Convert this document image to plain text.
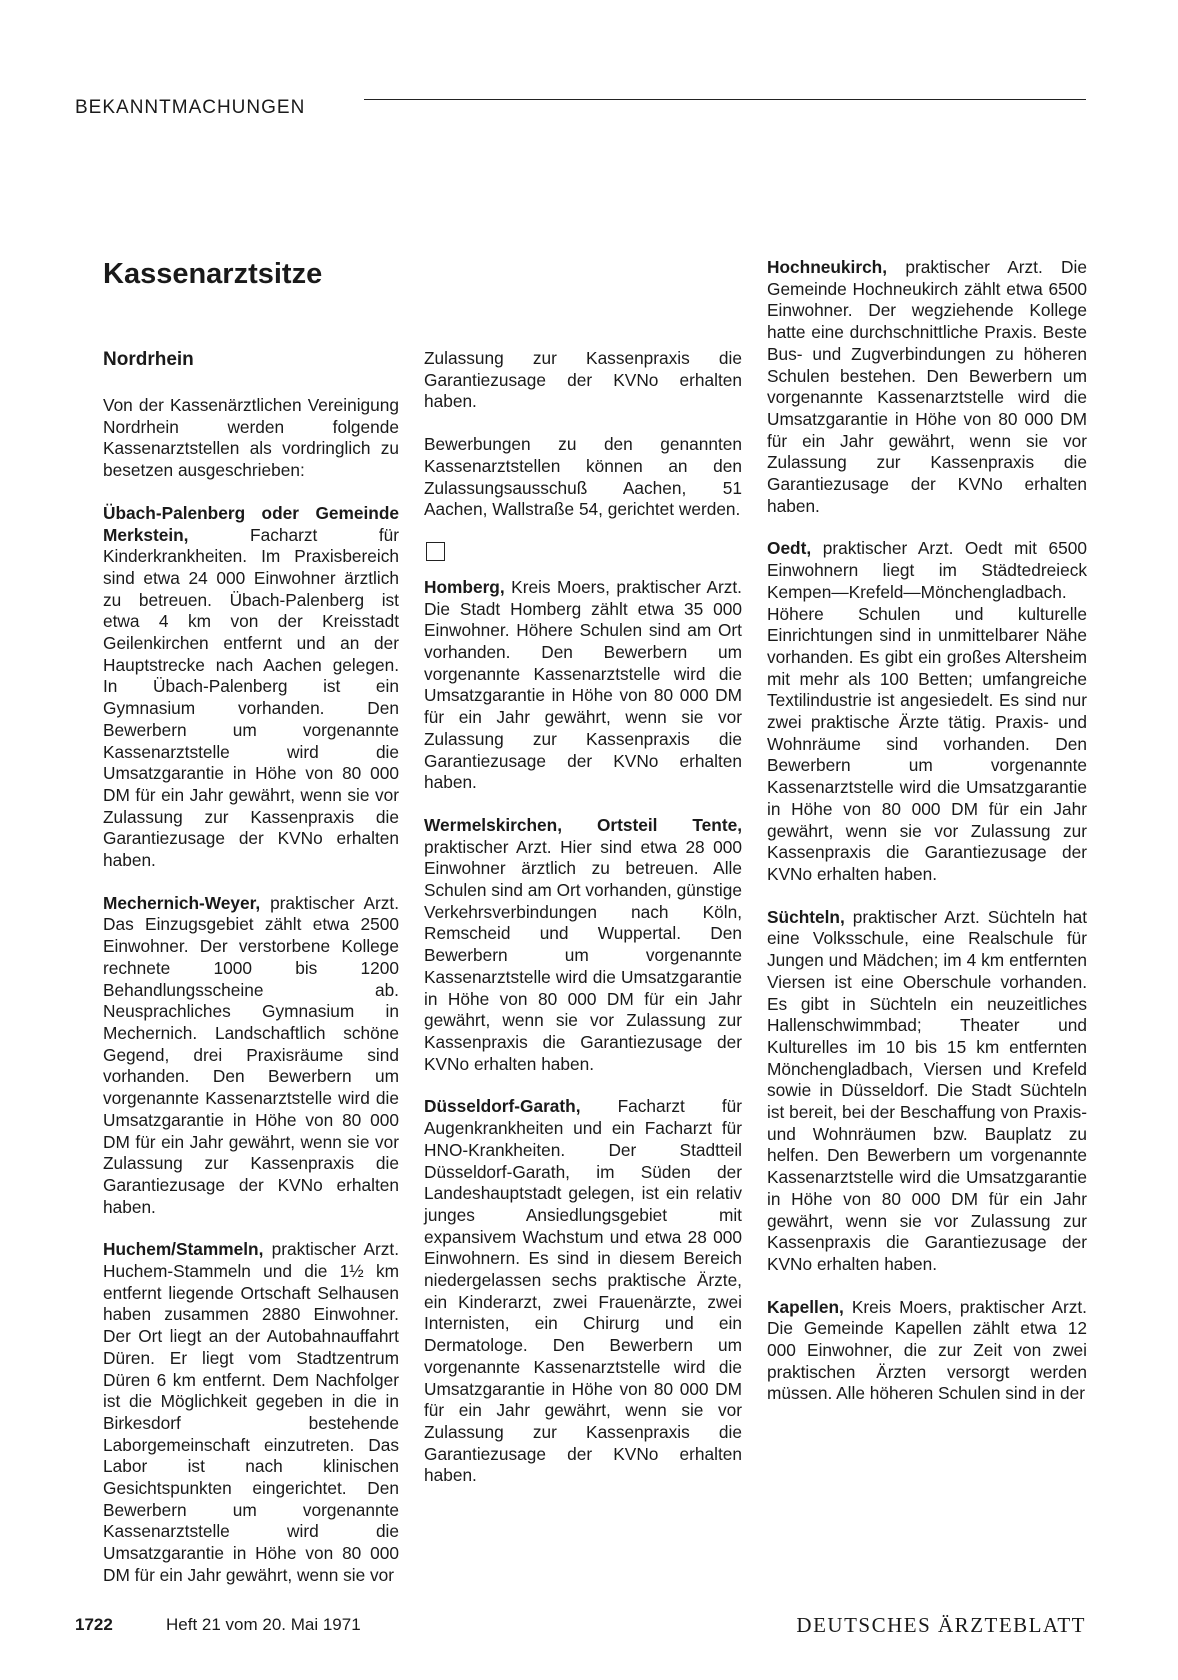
BEKANNTMACHUNGEN
Kassenarztsitze
Nordrhein

Von der Kassenärztlichen Vereinigung Nordrhein werden folgende Kassenarztstellen als vordringlich zu besetzen ausgeschrieben:

Übach-Palenberg oder Gemeinde Merkstein,	Facharzt für Kinderkrankheiten. Im Praxisbereich sind etwa 24 000 Einwohner ärztlich zu betreuen. Übach-Palenberg ist etwa 4 km von der Kreisstadt Geilenkirchen entfernt und an der Hauptstrecke nach Aachen gelegen. In Übach-Palenberg ist ein Gymnasium vorhanden. Den Bewerbern um vorgenannte Kassenarztstelle wird die Umsatzgarantie in Höhe von 80 000 DM für ein Jahr gewährt, wenn sie vor Zulassung zur Kassenpraxis die Garantiezusage der KVNo erhalten haben.

Mechernich-Weyer, praktischer Arzt. Das Einzugsgebiet zählt etwa 2500 Einwohner. Der verstorbene Kollege rechnete 1000 bis 1200 Behandlungsscheine ab. Neusprachliches Gymnasium in Mechernich. Landschaftlich schöne Gegend, drei Praxisräume sind vorhanden. Den Bewerbern um vorgenannte Kassenarztstelle wird die Umsatzgarantie in Höhe von 80 000 DM für ein Jahr gewährt, wenn sie vor Zulassung zur Kassenpraxis die Garantiezusage der KVNo erhalten haben.

Huchem/Stammeln, praktischer Arzt. Huchem-Stammeln und die 1½ km entfernt liegende Ortschaft Selhausen haben zusammen 2880 Einwohner. Der Ort liegt an der Autobahnauffahrt Düren. Er liegt vom Stadtzentrum Düren 6 km entfernt. Dem Nachfolger ist die Möglichkeit gegeben in die in Birkesdorf bestehende Laborgemeinschaft einzutreten. Das Labor ist nach klinischen Gesichtspunkten eingerichtet. Den Bewerbern um vorgenannte Kassenarztstelle wird die Umsatzgarantie in Höhe von 80 000 DM für ein Jahr gewährt, wenn sie vor

Zulassung zur Kassenpraxis die Garantiezusage der KVNo erhalten haben.

Bewerbungen zu den genannten Kassenarztstellen können an den Zulassungsausschuß Aachen, 51 Aachen, Wallstraße 54, gerichtet werden.

Homberg, Kreis Moers, praktischer Arzt. Die Stadt Homberg zählt etwa 35 000 Einwohner. Höhere Schulen sind am Ort vorhanden. Den Bewerbern um vorgenannte Kassenarztstelle wird die Umsatzgarantie in Höhe von 80 000 DM für ein Jahr gewährt, wenn sie vor Zulassung zur Kassenpraxis die Garantiezusage der KVNo erhalten haben.

Wermelskirchen, Ortsteil Tente, praktischer Arzt. Hier sind etwa 28 000 Einwohner ärztlich zu betreuen. Alle Schulen sind am Ort vorhanden, günstige Verkehrsverbindungen nach Köln, Remscheid und Wuppertal. Den Bewerbern um vorgenannte Kassenarztstelle wird die Umsatzgarantie in Höhe von 80 000 DM für ein Jahr gewährt, wenn sie vor Zulassung zur Kassenpraxis die Garantiezusage der KVNo erhalten haben.

Düsseldorf-Garath, Facharzt für Augenkrankheiten und ein Facharzt für HNO-Krankheiten. Der Stadtteil Düsseldorf-Garath, im Süden der Landeshauptstadt gelegen, ist ein relativ junges Ansiedlungsgebiet mit expansivem Wachstum und etwa 28 000 Einwohnern. Es sind in diesem Bereich niedergelassen sechs praktische Ärzte, ein Kinderarzt, zwei Frauenärzte, zwei Internisten, ein Chirurg und ein Dermatologe. Den Bewerbern um vorgenannte Kassenarztstelle wird die Umsatzgarantie in Höhe von 80 000 DM für ein Jahr gewährt, wenn sie vor Zulassung zur Kassenpraxis die Garantiezusage der KVNo erhalten haben.

Hochneukirch, praktischer Arzt. Die Gemeinde Hochneukirch zählt etwa 6500 Einwohner. Der wegziehende Kollege hatte eine durchschnittliche Praxis. Beste Bus- und Zugverbindungen zu höheren Schulen bestehen. Den Bewerbern um vorgenannte Kassenarztstelle wird die Umsatzgarantie in Höhe von 80 000 DM für ein Jahr gewährt, wenn sie vor Zulassung zur Kassenpraxis die Garantiezusage der KVNo erhalten haben.

Oedt, praktischer Arzt. Oedt mit 6500 Einwohnern liegt im Städtedreieck Kempen—Krefeld—Mönchengladbach. Höhere Schulen und kulturelle Einrichtungen sind in unmittelbarer Nähe vorhanden. Es gibt ein großes Altersheim mit mehr als 100 Betten; umfangreiche Textilindustrie ist angesiedelt. Es sind nur zwei praktische Ärzte tätig. Praxis- und Wohnräume sind vorhanden. Den Bewerbern um vorgenannte Kassenarztstelle wird die Umsatzgarantie in Höhe von 80 000 DM für ein Jahr gewährt, wenn sie vor Zulassung zur Kassenpraxis die Garantiezusage der KVNo erhalten haben.

Süchteln, praktischer Arzt. Süchteln hat eine Volksschule, eine Realschule für Jungen und Mädchen; im 4 km entfernten Viersen ist eine Oberschule vorhanden. Es gibt in Süchteln ein neuzeitliches Hallenschwimmbad; Theater und Kulturelles im 10 bis 15 km entfernten Mönchengladbach, Viersen und Krefeld sowie in Düsseldorf. Die Stadt Süchteln ist bereit, bei der Beschaffung von Praxis- und Wohnräumen bzw. Bauplatz zu helfen. Den Bewerbern um vorgenannte Kassenarztstelle wird die Umsatzgarantie in Höhe von 80 000 DM für ein Jahr gewährt, wenn sie vor Zulassung zur Kassenpraxis die Garantiezusage der KVNo erhalten haben.

Kapellen, Kreis Moers, praktischer Arzt. Die Gemeinde Kapellen zählt etwa 12 000 Einwohner, die zur Zeit von zwei praktischen Ärzten versorgt werden müssen. Alle höheren Schulen sind in der

1722	Heft 21 vom 20. Mai 1971	DEUTSCHES ÄRZTEBLATT
